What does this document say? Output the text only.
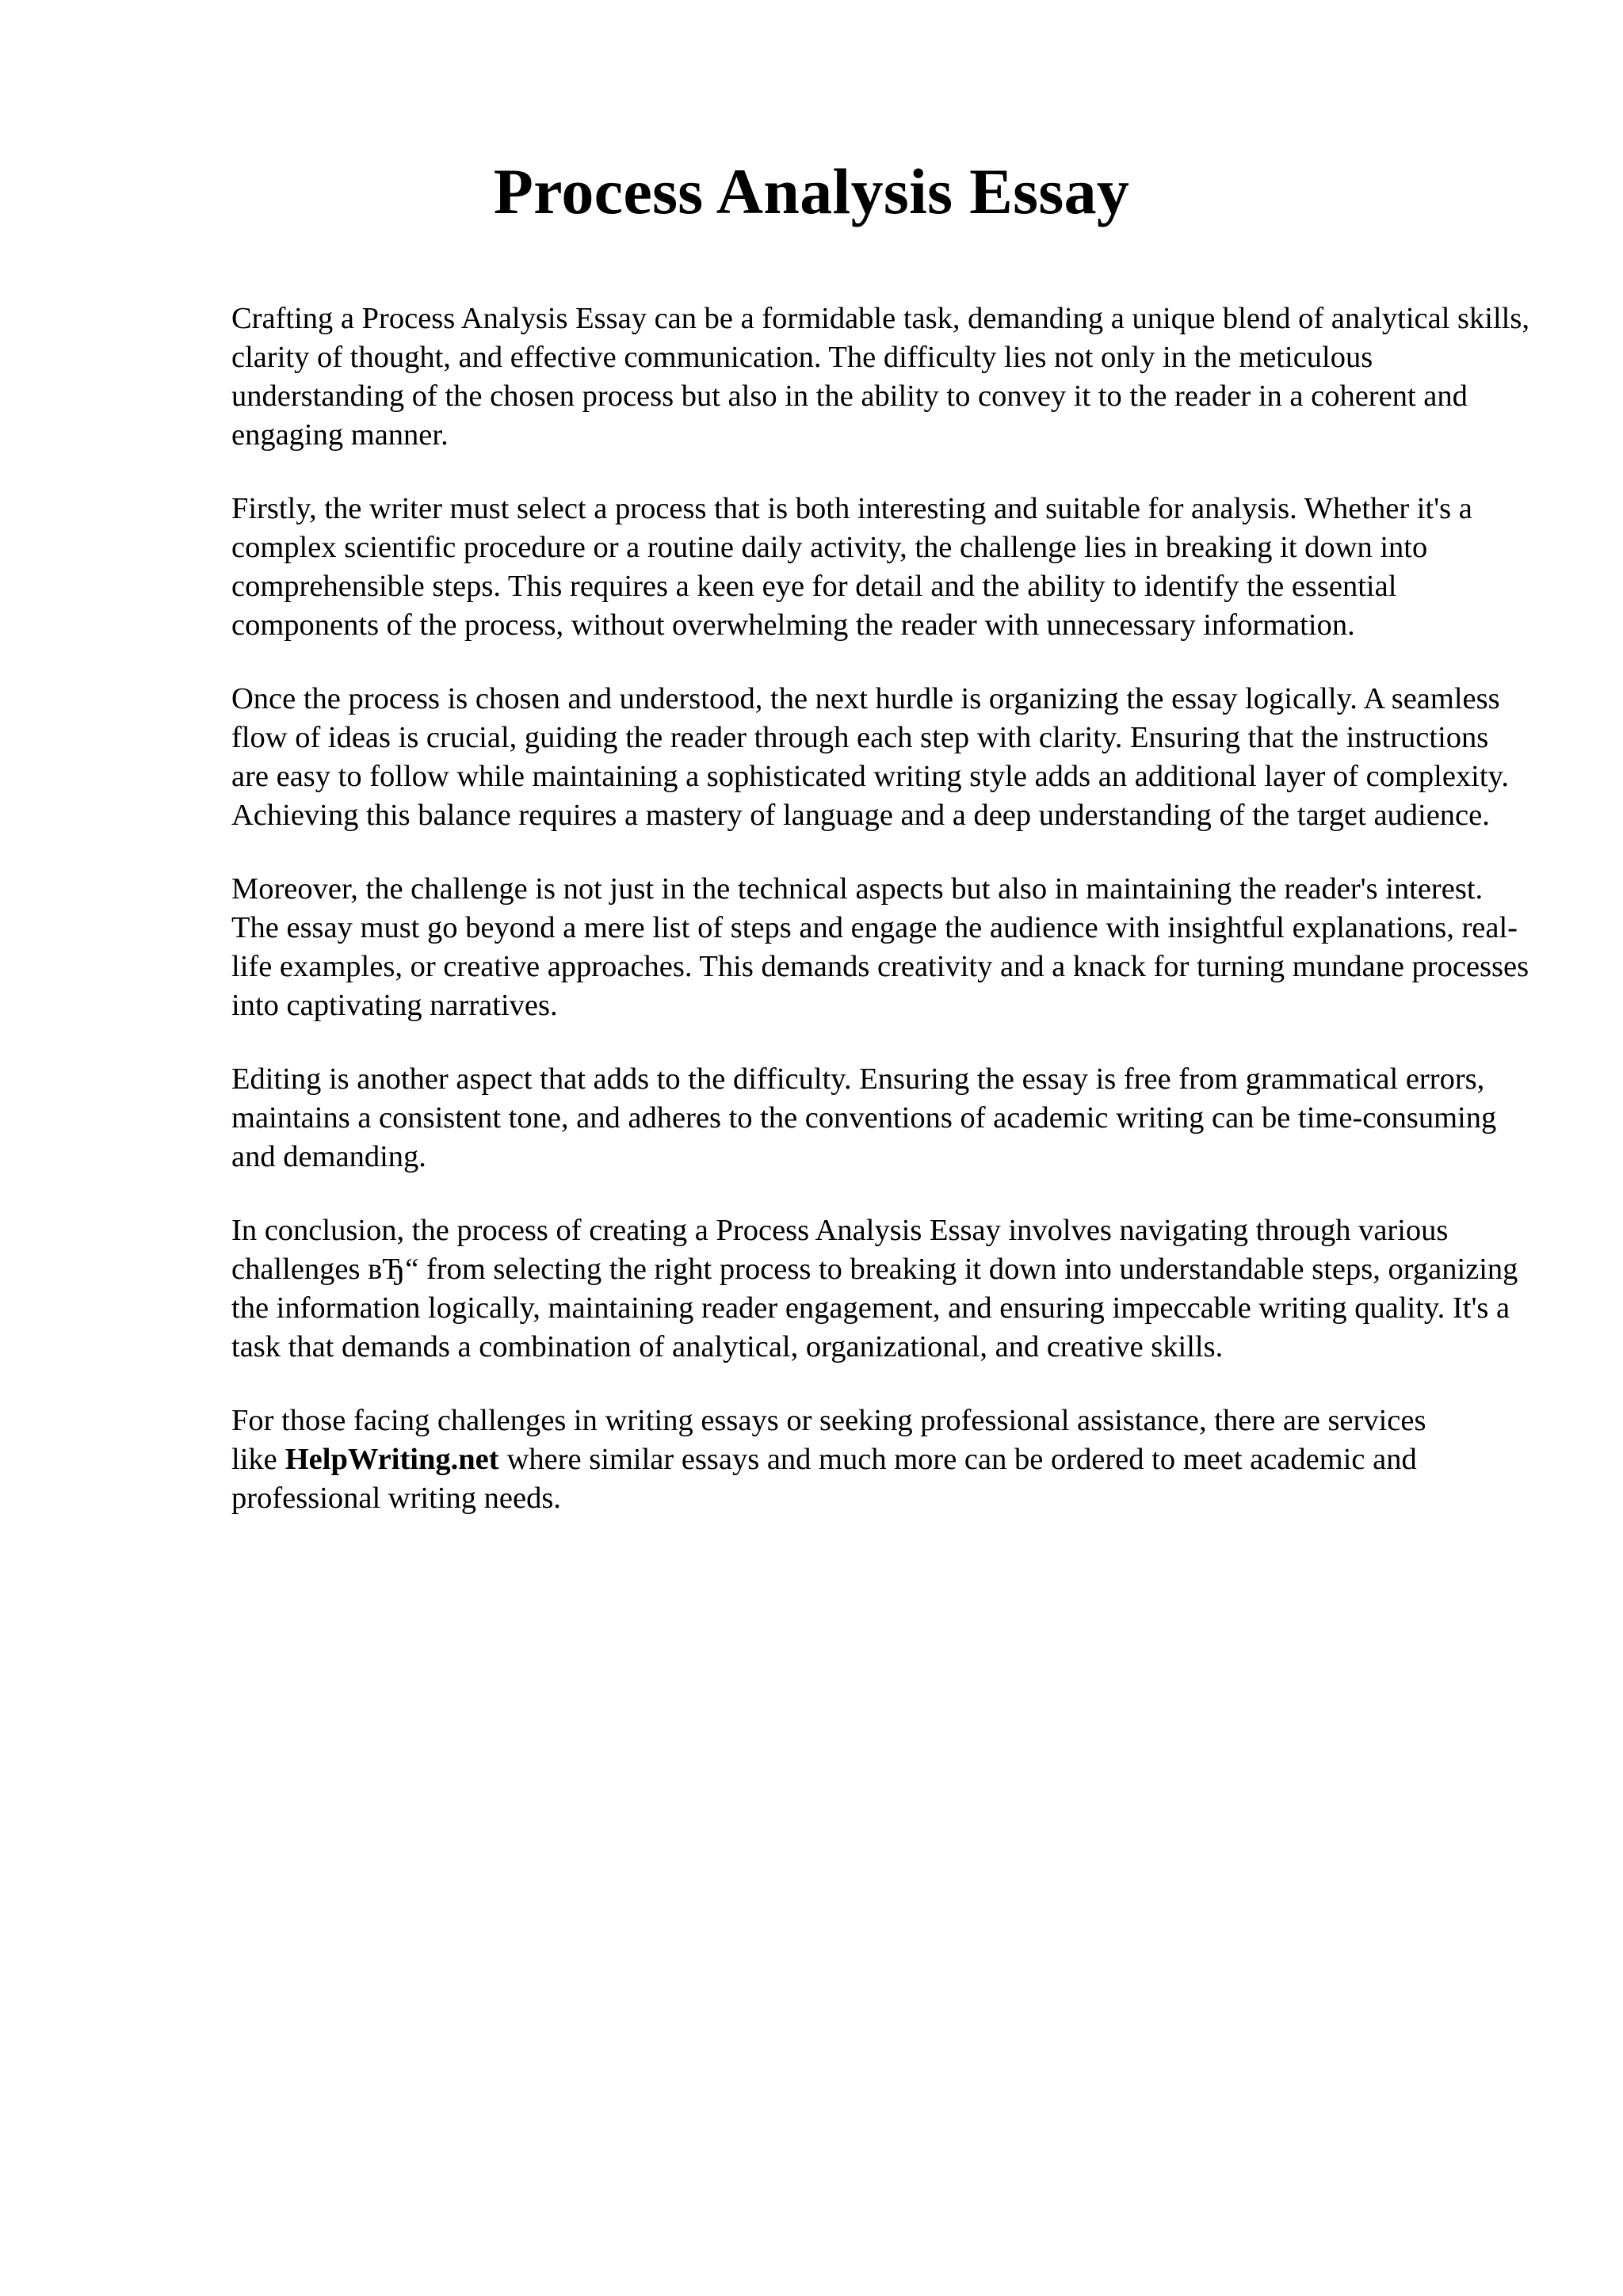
Process Analysis Essay

Crafting a Process Analysis Essay can be a formidable task, demanding a unique blend of analytical skills, clarity of thought, and effective communication. The difficulty lies not only in the meticulous understanding of the chosen process but also in the ability to convey it to the reader in a coherent and engaging manner.

Firstly, the writer must select a process that is both interesting and suitable for analysis. Whether it's a complex scientific procedure or a routine daily activity, the challenge lies in breaking it down into comprehensible steps. This requires a keen eye for detail and the ability to identify the essential components of the process, without overwhelming the reader with unnecessary information.

Once the process is chosen and understood, the next hurdle is organizing the essay logically. A seamless flow of ideas is crucial, guiding the reader through each step with clarity. Ensuring that the instructions are easy to follow while maintaining a sophisticated writing style adds an additional layer of complexity. Achieving this balance requires a mastery of language and a deep understanding of the target audience.

Moreover, the challenge is not just in the technical aspects but also in maintaining the reader's interest. The essay must go beyond a mere list of steps and engage the audience with insightful explanations, real-life examples, or creative approaches. This demands creativity and a knack for turning mundane processes into captivating narratives.

Editing is another aspect that adds to the difficulty. Ensuring the essay is free from grammatical errors, maintains a consistent tone, and adheres to the conventions of academic writing can be time-consuming and demanding.

In conclusion, the process of creating a Process Analysis Essay involves navigating through various challenges вЂ“ from selecting the right process to breaking it down into understandable steps, organizing the information logically, maintaining reader engagement, and ensuring impeccable writing quality. It's a task that demands a combination of analytical, organizational, and creative skills.

For those facing challenges in writing essays or seeking professional assistance, there are services like HelpWriting.net where similar essays and much more can be ordered to meet academic and professional writing needs.
